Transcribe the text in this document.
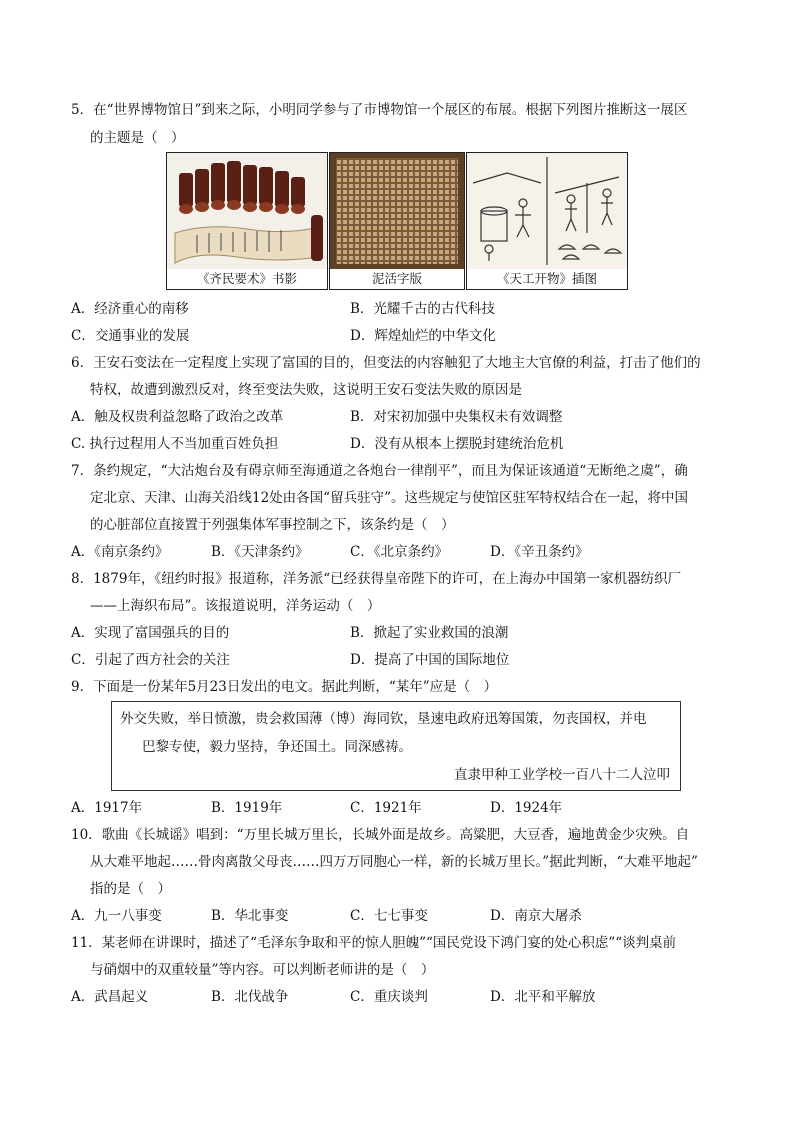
5．在“世界博物馆日”到来之际，小明同学参与了市博物馆一个展区的布展。根据下列图片推断这一展区
的主题是（　）
《齐民要术》书影	泥活字版	《天工开物》插图
A．经济重心的南移	B．光耀千古的古代科技
C．交通事业的发展	D．辉煌灿烂的中华文化
6．王安石变法在一定程度上实现了富国的目的，但变法的内容触犯了大地主大官僚的利益，打击了他们的
特权，故遭到激烈反对，终至变法失败，这说明王安石变法失败的原因是
A．触及权贵利益忽略了政治之改革	B．对宋初加强中央集权未有效调整
C. 执行过程用人不当加重百姓负担	D．没有从根本上摆脱封建统治危机
7．条约规定，“大沽炮台及有碍京师至海通道之各炮台一律削平”，而且为保证该通道“无断绝之虞”，确
定北京、天津、山海关沿线12处由各国“留兵驻守”。这些规定与使馆区驻军特权结合在一起，将中国
的心脏部位直接置于列强集体军事控制之下，该条约是（　）
A．《南京条约》	B．《天津条约》	C．《北京条约》	D．《辛丑条约》
8．1879年，《纽约时报》报道称，洋务派“已经获得皇帝陛下的许可，在上海办中国第一家机器纺织厂
——上海织布局”。该报道说明，洋务运动（　）
A．实现了富国强兵的目的	B．掀起了实业救国的浪潮
C．引起了西方社会的关注	D．提高了中国的国际地位
9．下面是一份某年5月23日发出的电文。据此判断，“某年”应是（　）
外交失败，举日愤激，贵会救国薄（博）海同钦，垦速电政府迅筹国策，勿丧国权，并电
巴黎专使，毅力坚持，争还国土。同深感祷。
直隶甲种工业学校一百八十二人泣叩
A．1917年	B．1919年	C．1921年	D．1924年
10．歌曲《长城谣》唱到：“万里长城万里长，长城外面是故乡。高粱肥，大豆香，遍地黄金少灾殃。自
从大难平地起……骨肉离散父母丧……四万万同胞心一样，新的长城万里长。”据此判断，“大难平地起”
指的是（　）
A．九一八事变	B．华北事变	C．七七事变	D．南京大屠杀
11．某老师在讲课时，描述了“毛泽东争取和平的惊人胆魄”“国民党设下鸿门宴的处心积虑”“谈判桌前
与硝烟中的双重较量”等内容。可以判断老师讲的是（　）
A．武昌起义	B．北伐战争	C．重庆谈判	D．北平和平解放
